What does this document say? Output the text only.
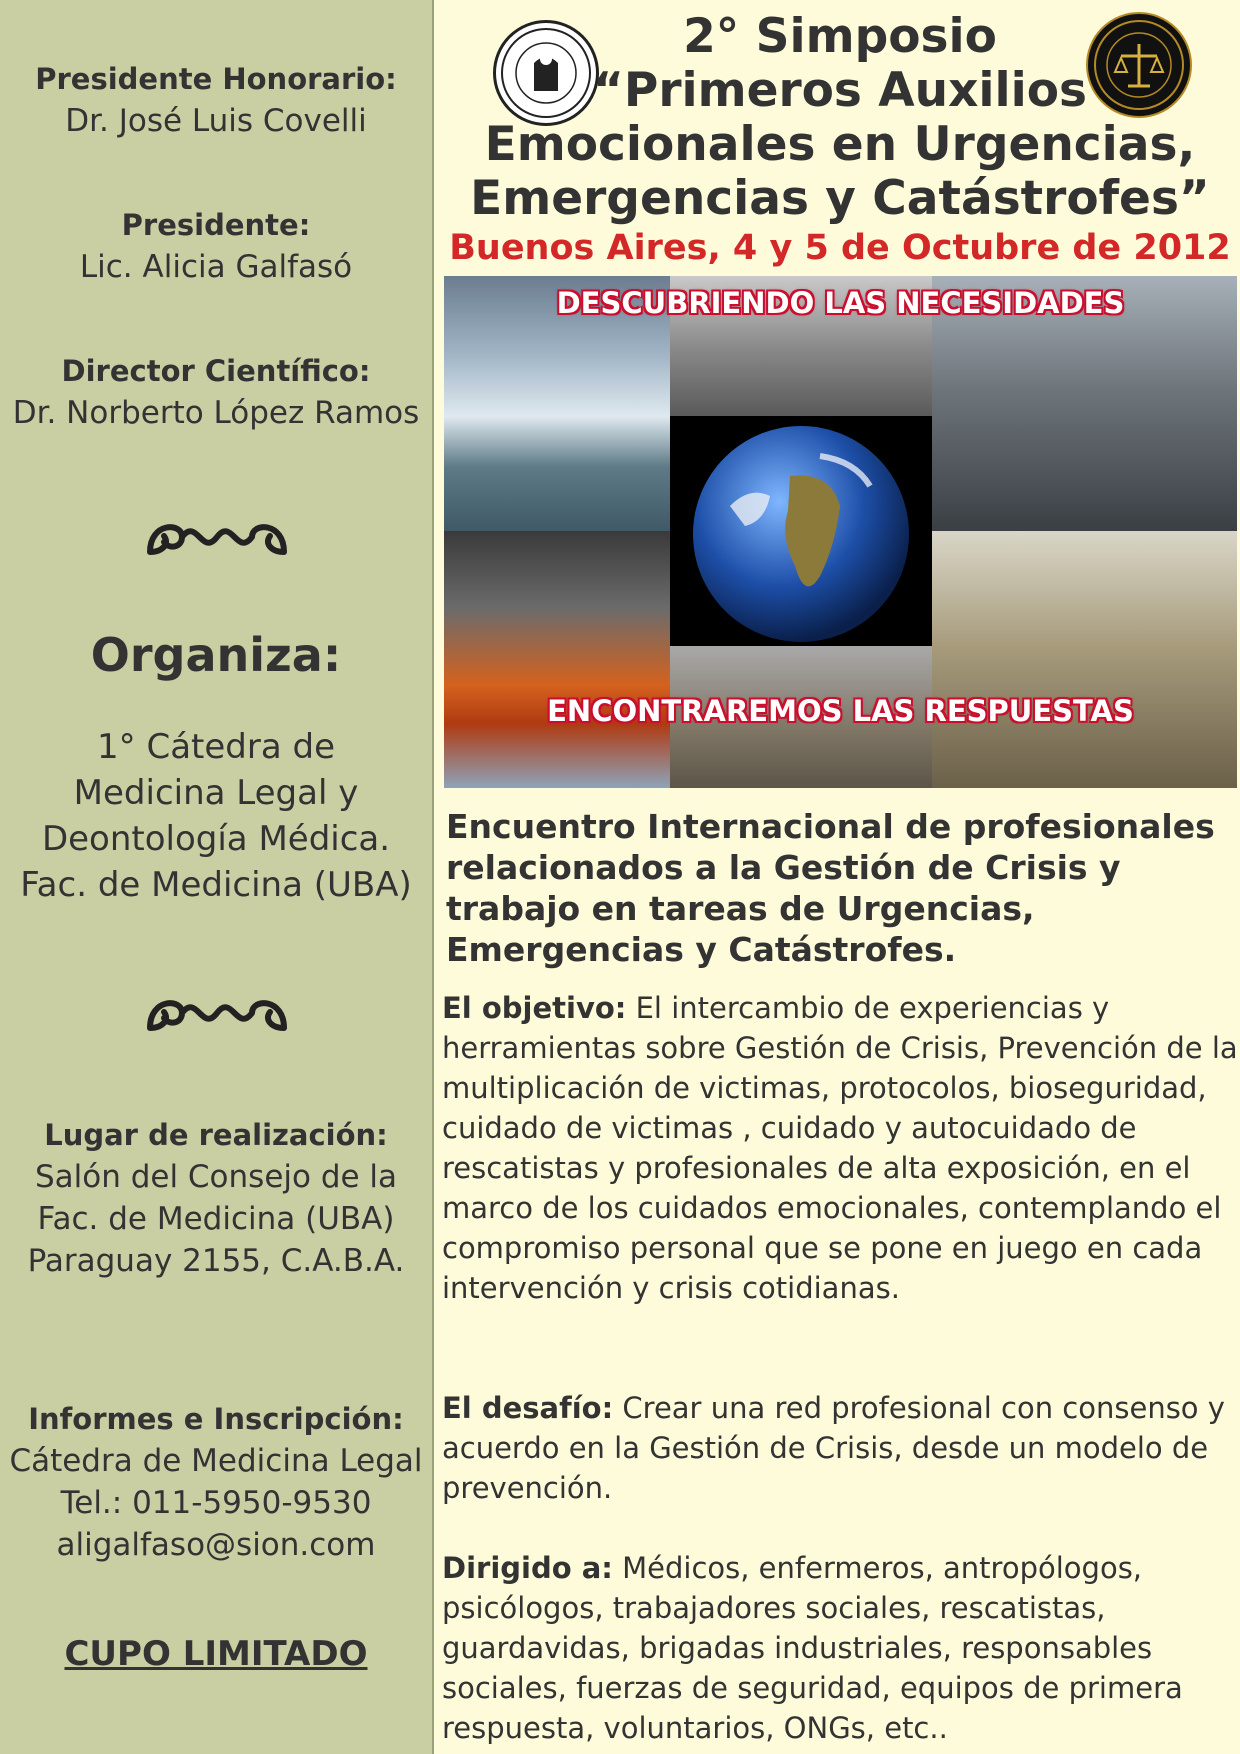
Presidente Honorario:
Dr. José Luis Covelli
Presidente:
Lic. Alicia Galfasó
Director Científico:
Dr. Norberto López Ramos
Organiza:
1° Cátedra de
Medicina Legal y
Deontología Médica.
Fac. de Medicina (UBA)
Lugar de realización:
Salón del Consejo de la
Fac. de Medicina (UBA)
Paraguay 2155, C.A.B.A.
Informes e Inscripción:
Cátedra de Medicina Legal
Tel.: 011-5950-9530
aligalfaso@sion.com
CUPO LIMITADO
2° Simposio
“Primeros Auxilios
Emocionales en Urgencias,
Emergencias y Catástrofes”
Buenos Aires, 4 y 5 de Octubre de 2012
DESCUBRIENDO LAS NECESIDADES
ENCONTRAREMOS LAS RESPUESTAS
Encuentro Internacional de profesionales relacionados a la Gestión de Crisis y trabajo en tareas de Urgencias, Emergencias y Catástrofes.
El objetivo: El intercambio de experiencias y herramientas sobre Gestión de Crisis, Prevención de la multiplicación de victimas, protocolos, bioseguridad, cuidado de victimas , cuidado y autocuidado de rescatistas y profesionales de alta exposición, en el marco de los cuidados emocionales, contemplando el compromiso personal que se pone en juego en cada intervención y crisis cotidianas.
El desafío: Crear una red profesional con consenso y acuerdo en la Gestión de Crisis, desde un modelo de prevención.
Dirigido a: Médicos, enfermeros, antropólogos, psicólogos, trabajadores sociales, rescatistas, guardavidas, brigadas industriales, responsables sociales, fuerzas de seguridad, equipos de primera respuesta, voluntarios, ONGs, etc..
